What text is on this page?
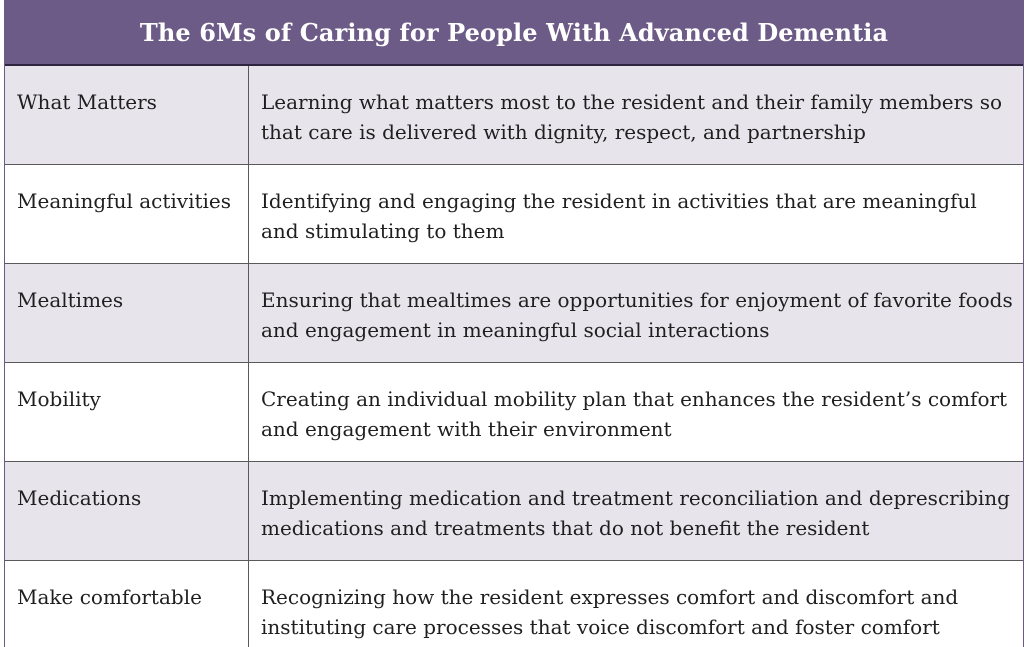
The 6Ms of Caring for People With Advanced Dementia
What Matters	Learning what matters most to the resident and their family members so that care is delivered with dignity, respect, and partnership
Meaningful activities	Identifying and engaging the resident in activities that are meaningful and stimulating to them
Mealtimes	Ensuring that mealtimes are opportunities for enjoyment of favorite foods and engagement in meaningful social interactions
Mobility	Creating an individual mobility plan that enhances the resident’s comfort and engagement with their environment
Medications	Implementing medication and treatment reconciliation and deprescribing medications and treatments that do not benefit the resident
Make comfortable	Recognizing how the resident expresses comfort and discomfort and instituting care processes that voice discomfort and foster comfort
